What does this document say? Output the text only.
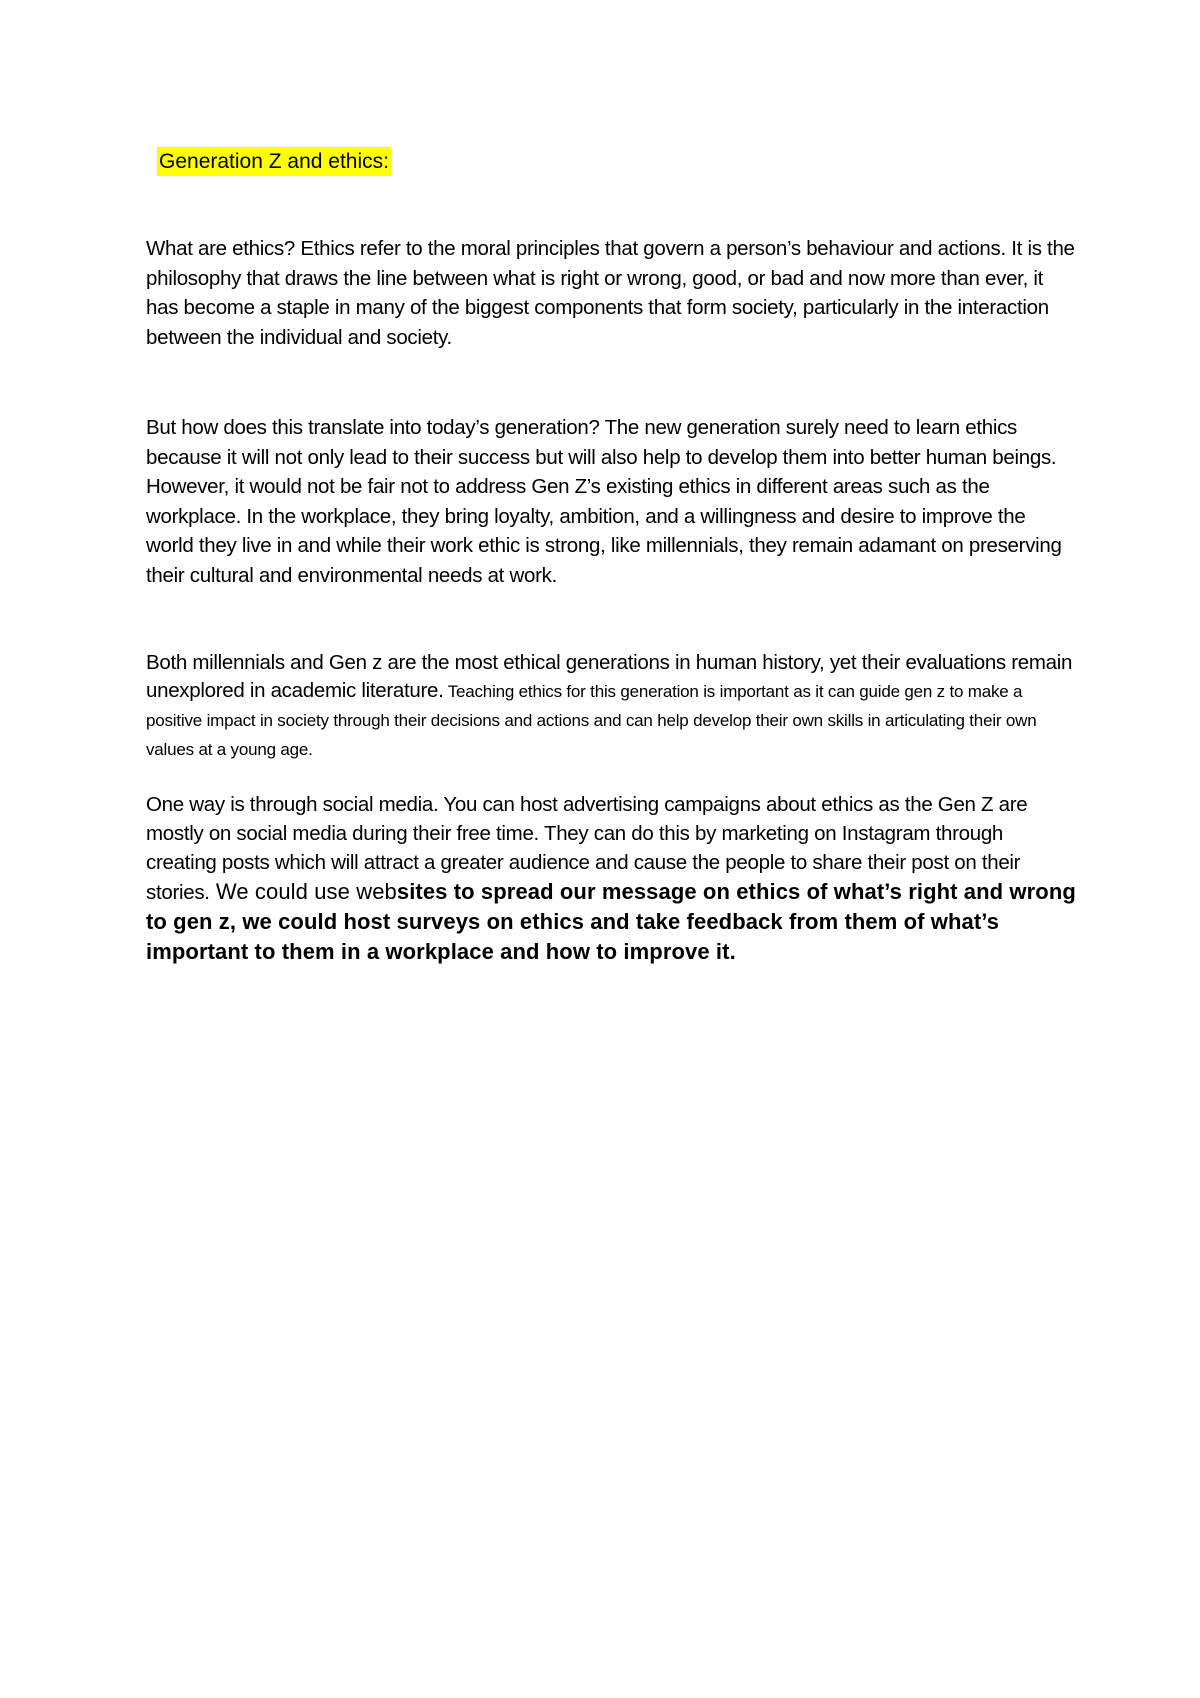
Generation Z and ethics:

What are ethics? Ethics refer to the moral principles that govern a person’s behaviour and actions. It is the philosophy that draws the line between what is right or wrong, good, or bad and now more than ever, it has become a staple in many of the biggest components that form society, particularly in the interaction between the individual and society.

But how does this translate into today’s generation? The new generation surely need to learn ethics because it will not only lead to their success but will also help to develop them into better human beings. However, it would not be fair not to address Gen Z’s existing ethics in different areas such as the workplace. In the workplace, they bring loyalty, ambition, and a willingness and desire to improve the world they live in and while their work ethic is strong, like millennials, they remain adamant on preserving their cultural and environmental needs at work.

Both millennials and Gen z are the most ethical generations in human history, yet their evaluations remain unexplored in academic literature. Teaching ethics for this generation is important as it can guide gen z to make a positive impact in society through their decisions and actions and can help develop their own skills in articulating their own values at a young age.

One way is through social media. You can host advertising campaigns about ethics as the Gen Z are mostly on social media during their free time. They can do this by marketing on Instagram through creating posts which will attract a greater audience and cause the people to share their post on their stories. We could use websites to spread our message on ethics of what’s right and wrong to gen z, we could host surveys on ethics and take feedback from them of what’s important to them in a workplace and how to improve it.
